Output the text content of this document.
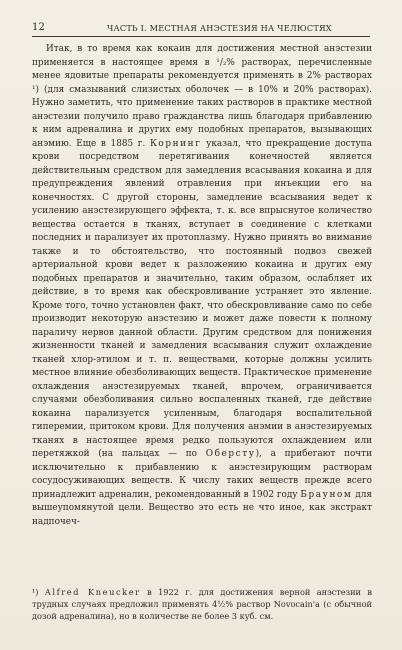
12	ЧАСТЬ I. МЕСТНАЯ АНЭСТЕЗИЯ НА ЧЕЛЮСТЯХ

Итак, в то время как кокаин для достижения местной анэстезии применяется в настоящее время в ¹/₂% растворах, перечисленные менее ядовитые препараты рекомендуется применять в 2% растворах ¹) (для смазываний слизистых оболочек — в 10% и 20% растворах). Нужно заметить, что применение таких растворов в практике местной анэстезии получило право гражданства лишь благодаря прибавлению к ним адреналина и других ему подобных препаратов, вызывающих анэмию. Еще в 1885 г. Корнинг указал, что прекращение доступа крови посредством перетягивания конечностей является действительным средством для замедления всасывания кокаина и для предупреждения явлений отравления при инъекции его на конечностях. С другой стороны, замедление всасывания ведет к усилению анэстезирующего эффекта, т. к. все впрыснутое количество вещества остается в тканях, вступает в соединение с клетками последних и парализует их протоплазму. Нужно принять во внимание также и то обстоятельство, что постоянный подвоз свежей артериальной крови ведет к разложению кокаина и других ему подобных препаратов и значительно, таким образом, ослабляет их действие, в то время как обескровливание устраняет это явление. Кроме того, точно установлен факт, что обескровливание само по себе производит некоторую анэстезию и может даже повести к полному параличу нервов данной области. Другим средством для понижения жизненности тканей и замедления всасывания служит охлаждение тканей хлор-этилом и т. п. веществами, которые должны усилить местное влияние обезболивающих веществ. Практическое применение охлаждения анэстезируемых тканей, впрочем, ограничивается случаями обезболивания сильно воспаленных тканей, где действие кокаина парализуется усиленным, благодаря воспалительной гиперемии, притоком крови. Для получения анэмии в анэстезируемых тканях в настоящее время редко пользуются охлаждением или перетяжкой (на пальцах — по Оберсту), а прибегают почти исключительно к прибавлению к анэстезирующим растворам сосудосуживающих веществ. К числу таких веществ прежде всего принадлежит адреналин, рекомендованный в 1902 году Брауном для вышеупомянутой цели. Вещество это есть не что иное, как экстракт надпочеч-

¹) Alfred Kneucker в 1922 г. для достижения верной анэстезии в трудных случаях предложил применять 4½% раствор Novocain'a (с обычной дозой адреналина), но в количестве не более 3 куб. см.
